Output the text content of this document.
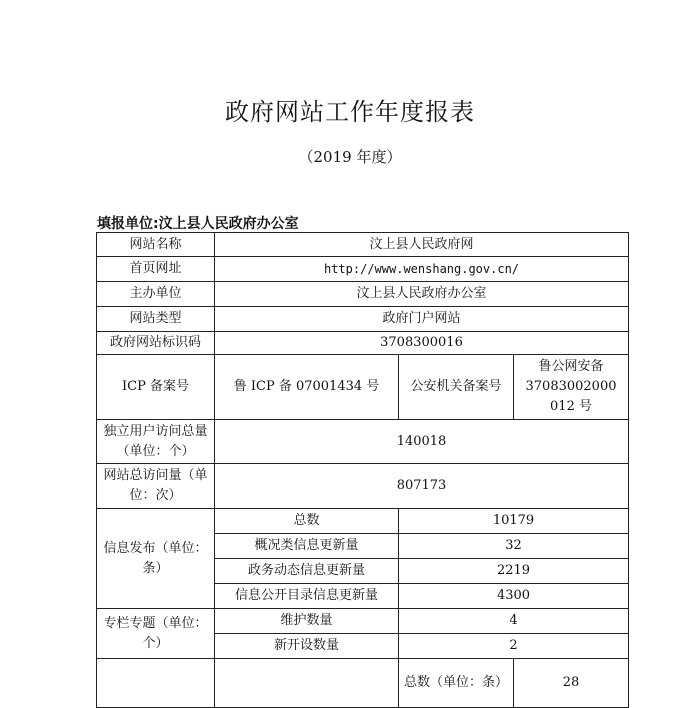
政府网站工作年度报表
（2019 年度）
填报单位:汶上县人民政府办公室
网站名称	汶上县人民政府网		
首页网址	http://www.wenshang.gov.cn/		
主办单位	汶上县人民政府办公室		
网站类型	政府门户网站		
政府网站标识码	3708300016		
ICP 备案号	鲁 ICP 备 07001434 号	公安机关备案号	鲁公网安备 37083002000 012 号
独立用户访问总量（单位：个）	140018		
网站总访问量（单位：次）	807173		
信息发布（单位：条）	总数	10179	
	概况类信息更新量	32	
	政务动态信息更新量	2219	
	信息公开目录信息更新量	4300	
专栏专题（单位：个）	维护数量	4	
	新开设数量	2	
		总数（单位：条）	28
